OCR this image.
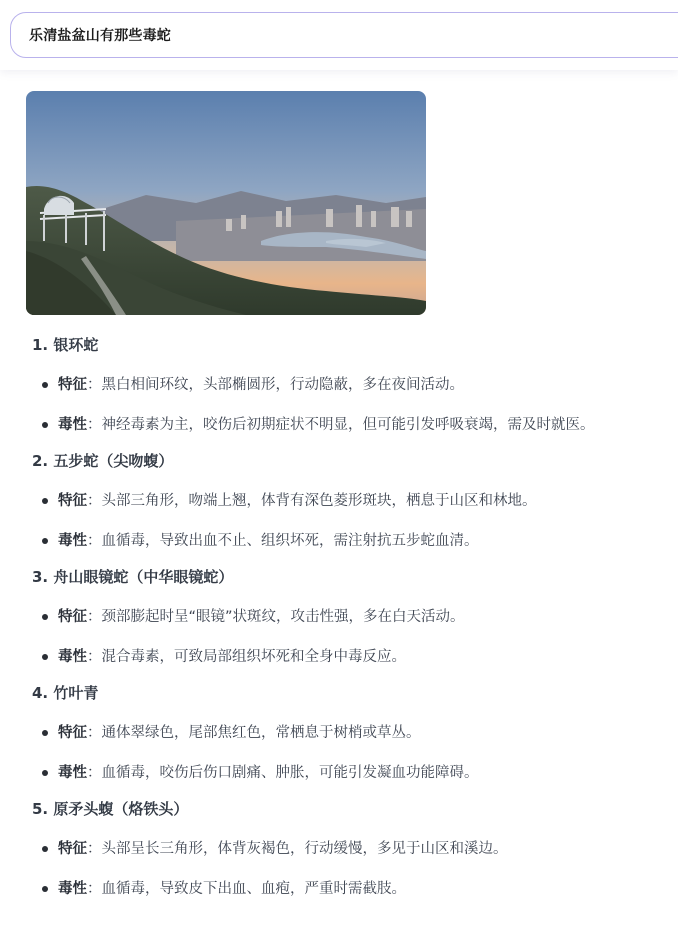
乐清盐盆山有那些毒蛇

1. 银环蛇

特征：黑白相间环纹，头部椭圆形，行动隐蔽，多在夜间活动。
毒性：神经毒素为主，咬伤后初期症状不明显，但可能引发呼吸衰竭，需及时就医。

2. 五步蛇（尖吻蝮）

特征：头部三角形，吻端上翘，体背有深色菱形斑块，栖息于山区和林地。
毒性：血循毒，导致出血不止、组织坏死，需注射抗五步蛇血清。

3. 舟山眼镜蛇（中华眼镜蛇）

特征：颈部膨起时呈“眼镜”状斑纹，攻击性强，多在白天活动。
毒性：混合毒素，可致局部组织坏死和全身中毒反应。

4. 竹叶青

特征：通体翠绿色，尾部焦红色，常栖息于树梢或草丛。
毒性：血循毒，咬伤后伤口剧痛、肿胀，可能引发凝血功能障碍。

5. 原矛头蝮（烙铁头）

特征：头部呈长三角形，体背灰褐色，行动缓慢，多见于山区和溪边。
毒性：血循毒，导致皮下出血、血疱，严重时需截肢。
